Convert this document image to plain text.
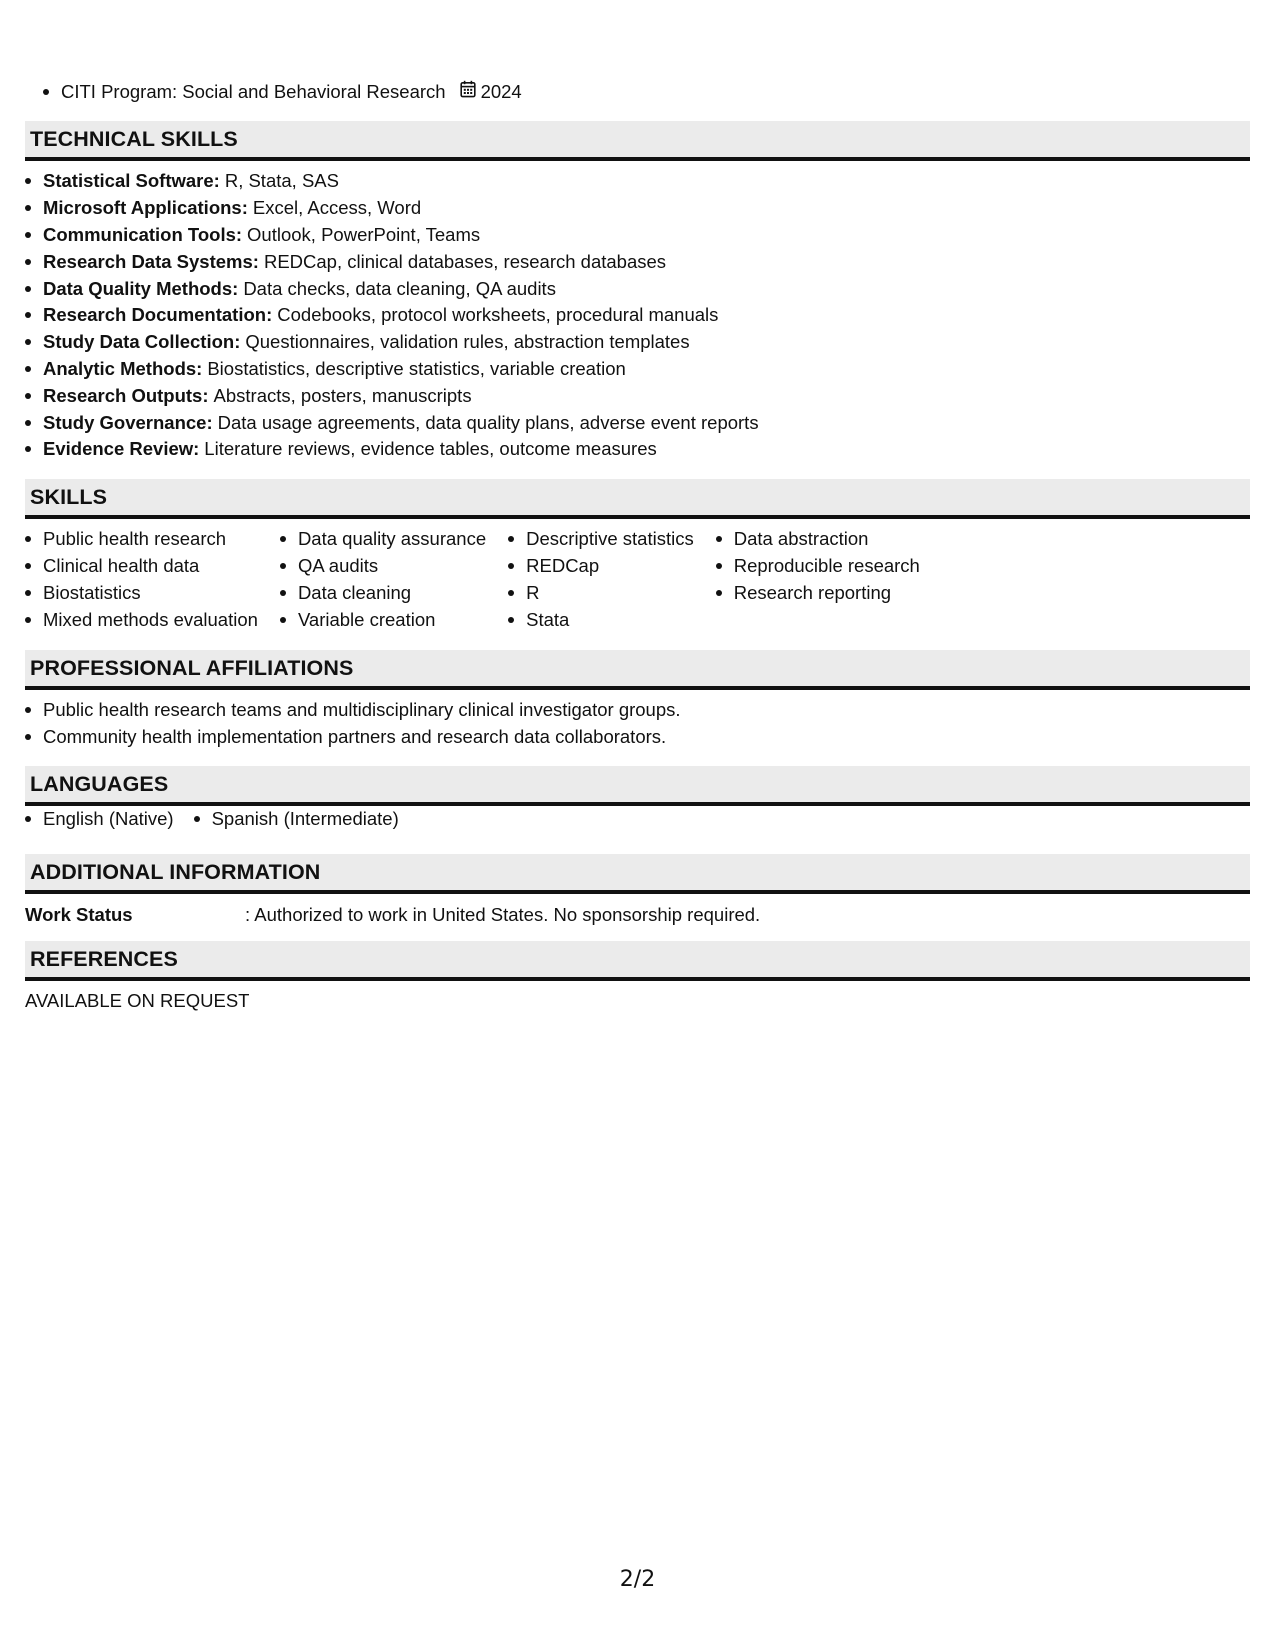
CITI Program: Social and Behavioral Research 2024
TECHNICAL SKILLS
Statistical Software: R, Stata, SAS
Microsoft Applications: Excel, Access, Word
Communication Tools: Outlook, PowerPoint, Teams
Research Data Systems: REDCap, clinical databases, research databases
Data Quality Methods: Data checks, data cleaning, QA audits
Research Documentation: Codebooks, protocol worksheets, procedural manuals
Study Data Collection: Questionnaires, validation rules, abstraction templates
Analytic Methods: Biostatistics, descriptive statistics, variable creation
Research Outputs: Abstracts, posters, manuscripts
Study Governance: Data usage agreements, data quality plans, adverse event reports
Evidence Review: Literature reviews, evidence tables, outcome measures
SKILLS
Public health research
Clinical health data
Biostatistics
Mixed methods evaluation
Data quality assurance
QA audits
Data cleaning
Variable creation
Descriptive statistics
REDCap
R
Stata
Data abstraction
Reproducible research
Research reporting
PROFESSIONAL AFFILIATIONS
Public health research teams and multidisciplinary clinical investigator groups.
Community health implementation partners and research data collaborators.
LANGUAGES
English (Native) Spanish (Intermediate)
ADDITIONAL INFORMATION
Work Status	: Authorized to work in United States. No sponsorship required.
REFERENCES
AVAILABLE ON REQUEST
2/2
